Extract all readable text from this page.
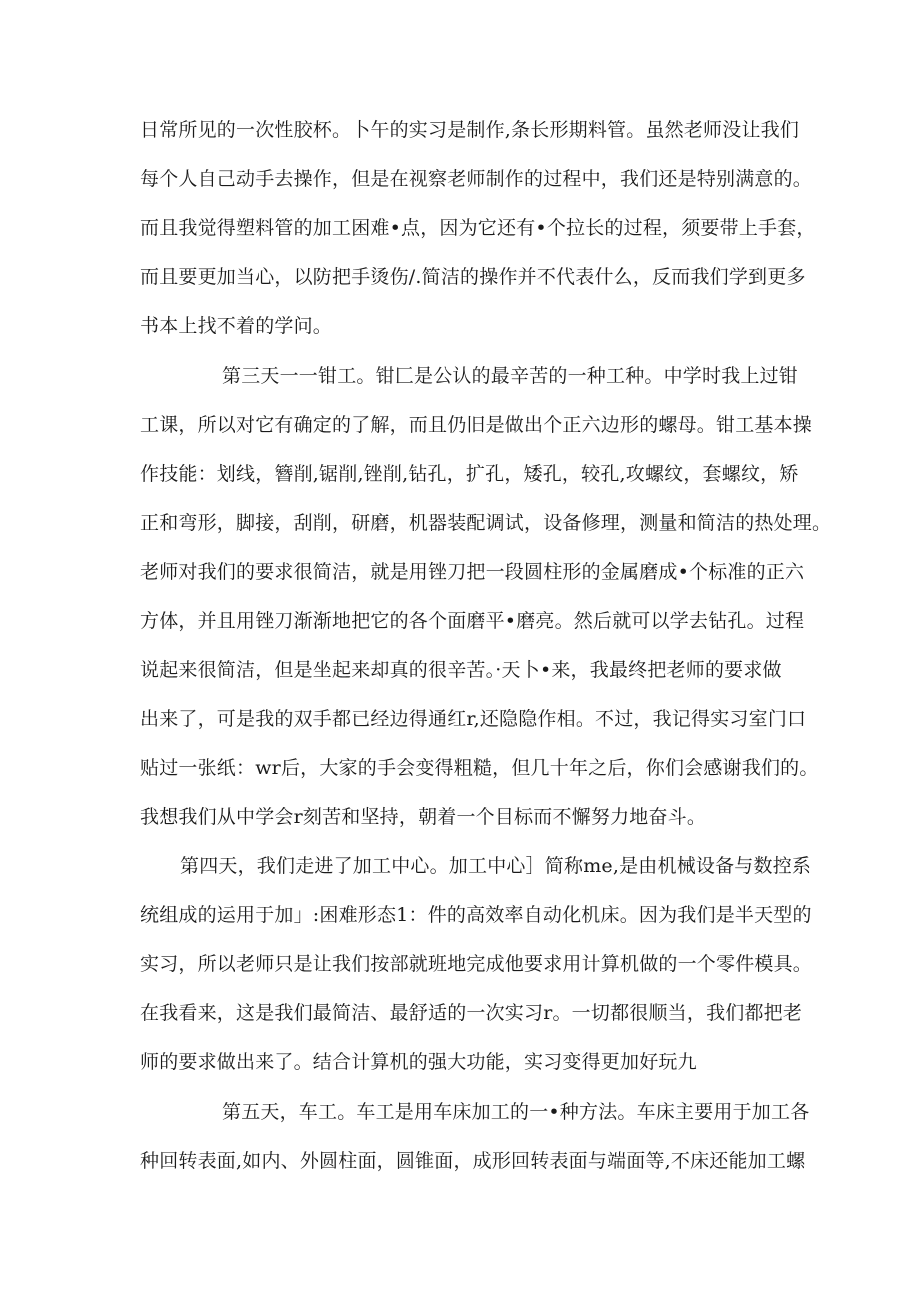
日常所见的一次性胶杯。卜午的实习是制作,条长形期料管。虽然老师没让我们
每个人自己动手去操作，但是在视察老师制作的过程中，我们还是特别满意的。
而且我觉得塑料管的加工困难•点，因为它还有•个拉长的过程，须要带上手套，
而且要更加当心，以防把手烫伤/.简洁的操作并不代表什么，反而我们学到更多
书本上找不着的学问。
第三天一一钳工。钳匚是公认的最辛苦的一种工种。中学时我上过钳
工课，所以对它有确定的了解，而且仍旧是做出个正六边形的螺母。钳工基本操
作技能：划线，簪削,锯削,锉削,钻孔，扩孔，矮孔，较孔,攻螺纹，套螺纹，矫
正和弯形，脚接，刮削，研磨，机器装配调试，设备修理，测量和简洁的热处理。
老师对我们的要求很简洁，就是用锉刀把一段圆柱形的金属磨成•个标准的正六
方体，并且用锉刀渐渐地把它的各个面磨平•磨亮。然后就可以学去钻孔。过程
说起来很简洁，但是坐起来却真的很辛苦。·天卜•来，我最终把老师的要求做
出来了，可是我的双手都已经边得通红r,还隐隐作相。不过，我记得实习室门口
贴过一张纸：wr后，大家的手会变得粗糙，但几十年之后，你们会感谢我们的。
我想我们从中学会r刻苦和坚持，朝着一个目标而不懈努力地奋斗。
第四天，我们走进了加工中心。加工中心］简称me,是由机械设备与数控系
统组成的运用于加」:困难形态1：件的高效率自动化机床。因为我们是半天型的
实习，所以老师只是让我们按部就班地完成他要求用计算机做的一个零件模具。
在我看来，这是我们最简洁、最舒适的一次实习r。一切都很顺当，我们都把老
师的要求做出来了。结合计算机的强大功能，实习变得更加好玩九
第五天，车工。车工是用车床加工的一•种方法。车床主要用于加工各
种回转表面,如内、外圆柱面，圆锥面，成形回转表面与端面等,不床还能加工螺
